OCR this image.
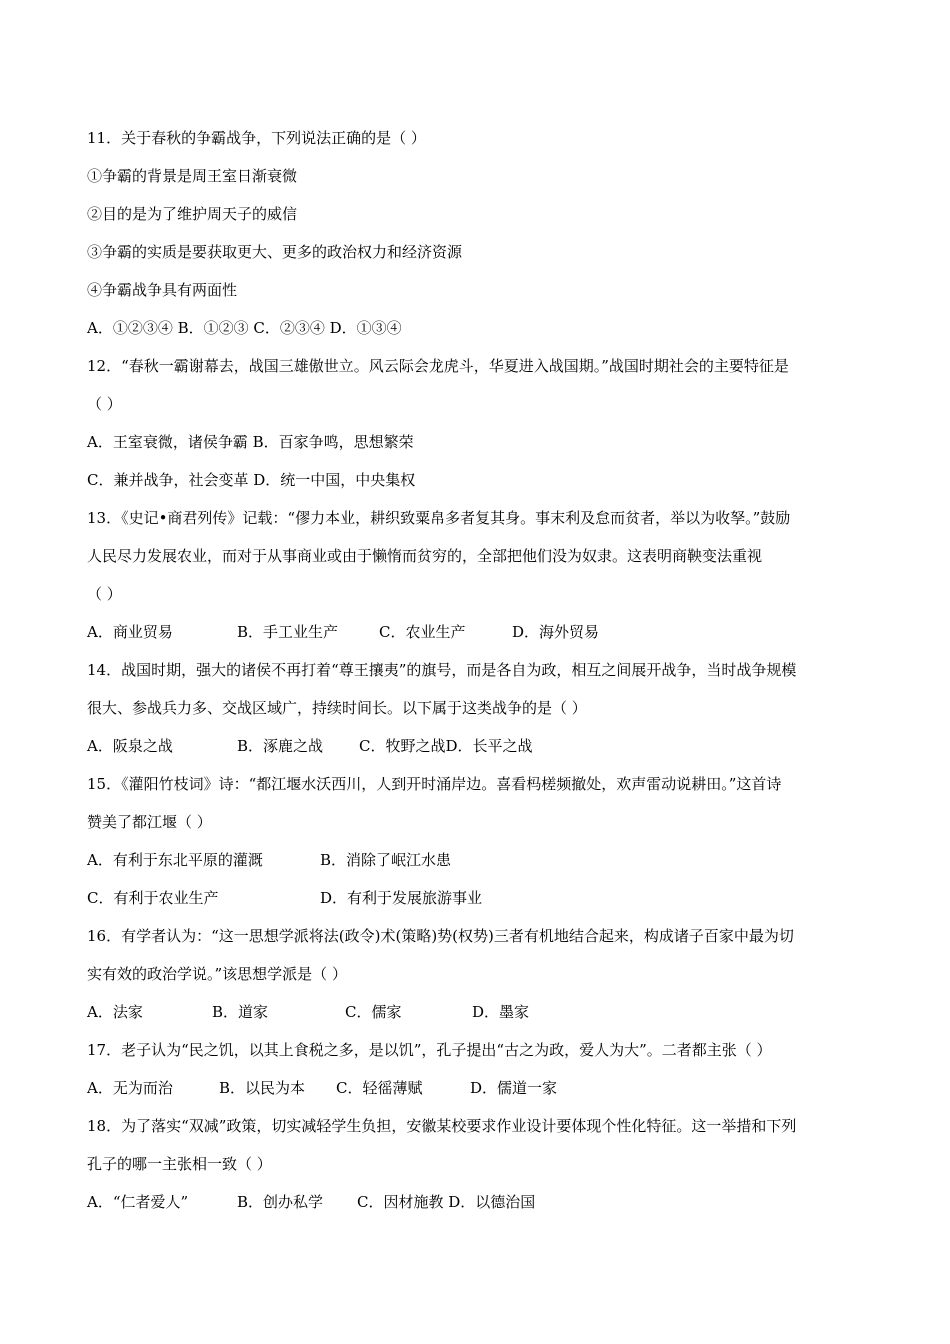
11．关于春秋的争霸战争，下列说法正确的是（ ）
①争霸的背景是周王室日渐衰微
②目的是为了维护周天子的威信
③争霸的实质是要获取更大、更多的政治权力和经济资源
④争霸战争具有两面性
A．①②③④ B．①②③ C．②③④ D．①③④
12．“春秋一霸谢幕去，战国三雄傲世立。风云际会龙虎斗，华夏进入战国期。”战国时期社会的主要特征是
（ ）
A．王室衰微，诸侯争霸 B．百家争鸣，思想繁荣
C．兼并战争，社会变革 D．统一中国，中央集权
13．《史记•商君列传》记载：“僇力本业，耕织致粟帛多者复其身。事末利及怠而贫者，举以为收孥。”鼓励
人民尽力发展农业，而对于从事商业或由于懒惰而贫穷的，全部把他们没为奴隶。这表明商鞅变法重视
（ ）
A．商业贸易	B．手工业生产	C．农业生产	D．海外贸易
14．战国时期，强大的诸侯不再打着“尊王攘夷”的旗号，而是各自为政，相互之间展开战争，当时战争规模
很大、参战兵力多、交战区域广，持续时间长。以下属于这类战争的是（ ）
A．阪泉之战	B．涿鹿之战	C．牧野之战D．长平之战
15．《灌阳竹枝词》诗：“都江堰水沃西川，人到开时涌岸边。喜看杩槎频撤处，欢声雷动说耕田。”这首诗
赞美了都江堰（ ）
A．有利于东北平原的灌溉	B．消除了岷江水患
C．有利于农业生产	D．有利于发展旅游事业
16．有学者认为：“这一思想学派将法(政令)术(策略)势(权势)三者有机地结合起来，构成诸子百家中最为切
实有效的政治学说。”该思想学派是（ ）
A．法家	B．道家	C．儒家	D．墨家
17．老子认为“民之饥，以其上食税之多，是以饥”，孔子提出“古之为政，爱人为大”。二者都主张（ ）
A．无为而治	B．以民为本	C．轻徭薄赋	D．儒道一家
18．为了落实“双减”政策，切实减轻学生负担，安徽某校要求作业设计要体现个性化特征。这一举措和下列
孔子的哪一主张相一致（ ）
A．“仁者爱人”	B．创办私学	C．因材施教 D．以德治国
